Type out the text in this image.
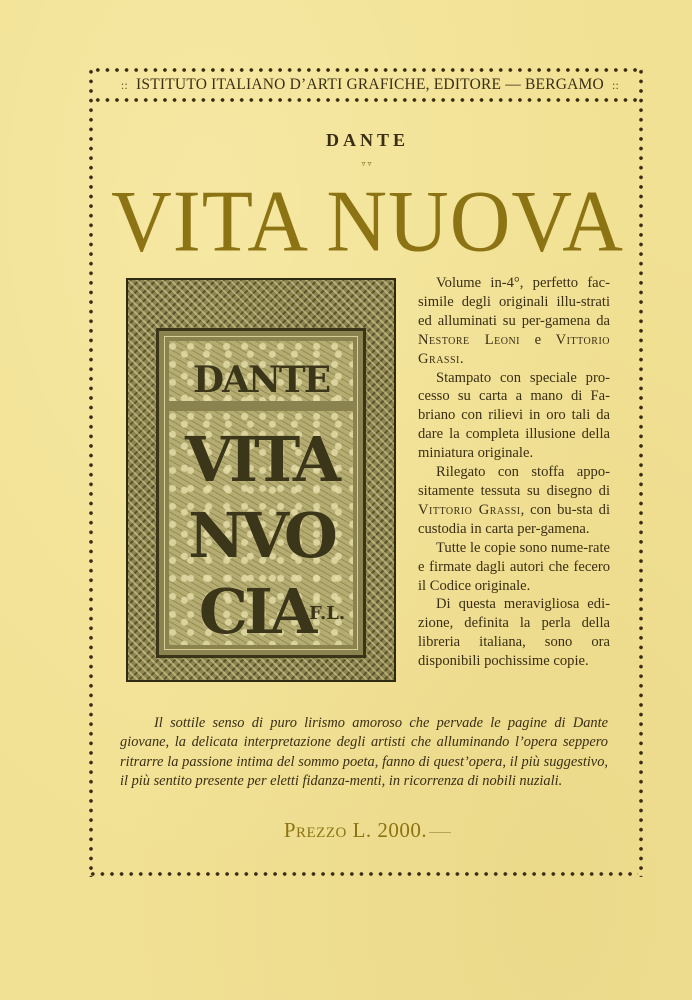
:: ISTITUTO ITALIANO D’ARTI GRAFICHE, EDITORE — BERGAMO ::
DANTE
▿▿
VITA NUOVA
DANTE
VITA
NVO
CIA
F.L.

Volume in-4°, perfetto fac-simile degli originali illu-strati ed alluminati su per-gamena da Nestore Leoni e Vittorio Grassi.

Stampato con speciale pro-cesso su carta a mano di Fa-briano con rilievi in oro tali da dare la completa illusione della miniatura originale.

Rilegato con stoffa appo-sitamente tessuta su disegno di Vittorio Grassi, con bu-sta di custodia in carta per-gamena.

Tutte le copie sono nume-rate e firmate dagli autori che fecero il Codice originale.

Di questa meravigliosa edi-zione, definita la perla della libreria italiana, sono ora disponibili pochissime copie.

Il sottile senso di puro lirismo amoroso che pervade le pagine di Dante giovane, la delicata interpretazione degli artisti che alluminando l’opera seppero ritrarre la passione intima del sommo poeta, fanno di quest’opera, il più suggestivo, il più sentito presente per eletti fidanza-menti, in ricorrenza di nobili nuziali.

Prezzo L. 2000.
